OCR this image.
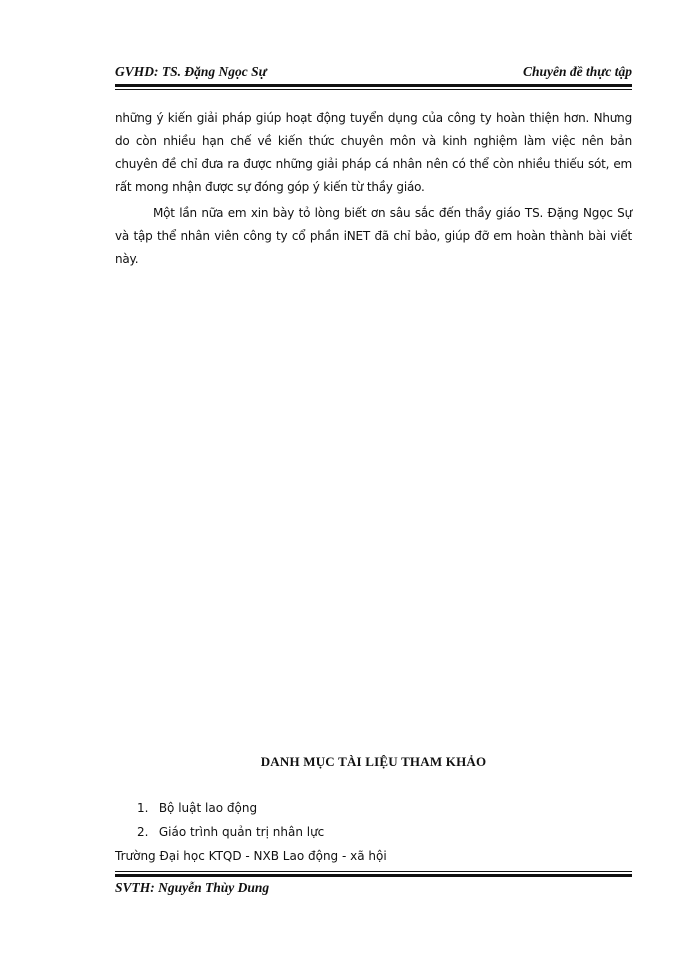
GVHD: TS. Đặng Ngọc Sự	Chuyên đề thực tập
những ý kiến giải pháp giúp hoạt động tuyển dụng của công ty hoàn thiện hơn. Nhưng do còn nhiều hạn chế về kiến thức chuyên môn và kinh nghiệm làm việc nên bản chuyên đề chỉ đưa ra được những giải pháp cá nhân nên có thể còn nhiều thiếu sót, em rất mong nhận được sự đóng góp ý kiến từ thầy giáo.
Một lần nữa em xin bày tỏ lòng biết ơn sâu sắc đến thầy giáo TS. Đặng Ngọc Sự và tập thể nhân viên công ty cổ phần iNET đã chỉ bảo, giúp đỡ em hoàn thành bài viết này.
DANH MỤC TÀI LIỆU THAM KHẢO
1. Bộ luật lao động
2. Giáo trình quản trị nhân lực
Trường Đại học KTQD - NXB Lao động - xã hội
SVTH: Nguyễn Thùy Dung
